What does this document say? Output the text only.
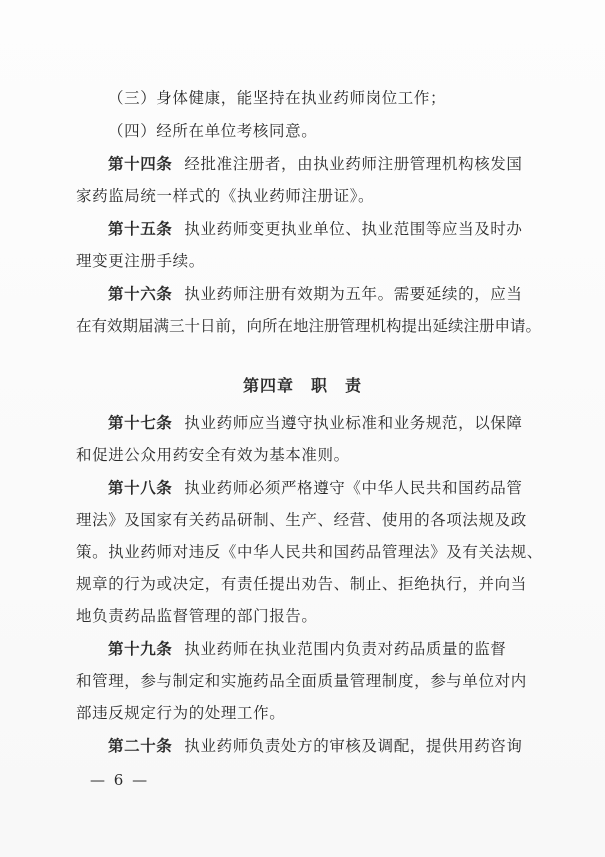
（三）身体健康，能坚持在执业药师岗位工作；
（四）经所在单位考核同意。
第十四条 经批准注册者，由执业药师注册管理机构核发国
家药监局统一样式的《执业药师注册证》。
第十五条 执业药师变更执业单位、执业范围等应当及时办
理变更注册手续。
第十六条 执业药师注册有效期为五年。需要延续的，应当
在有效期届满三十日前，向所在地注册管理机构提出延续注册申请。
第四章　职　责
第十七条 执业药师应当遵守执业标准和业务规范，以保障
和促进公众用药安全有效为基本准则。
第十八条 执业药师必须严格遵守《中华人民共和国药品管
理法》及国家有关药品研制、生产、经营、使用的各项法规及政
策。执业药师对违反《中华人民共和国药品管理法》及有关法规、
规章的行为或决定，有责任提出劝告、制止、拒绝执行，并向当
地负责药品监督管理的部门报告。
第十九条 执业药师在执业范围内负责对药品质量的监督
和管理，参与制定和实施药品全面质量管理制度，参与单位对内
部违反规定行为的处理工作。
第二十条 执业药师负责处方的审核及调配，提供用药咨询
— 6 —
